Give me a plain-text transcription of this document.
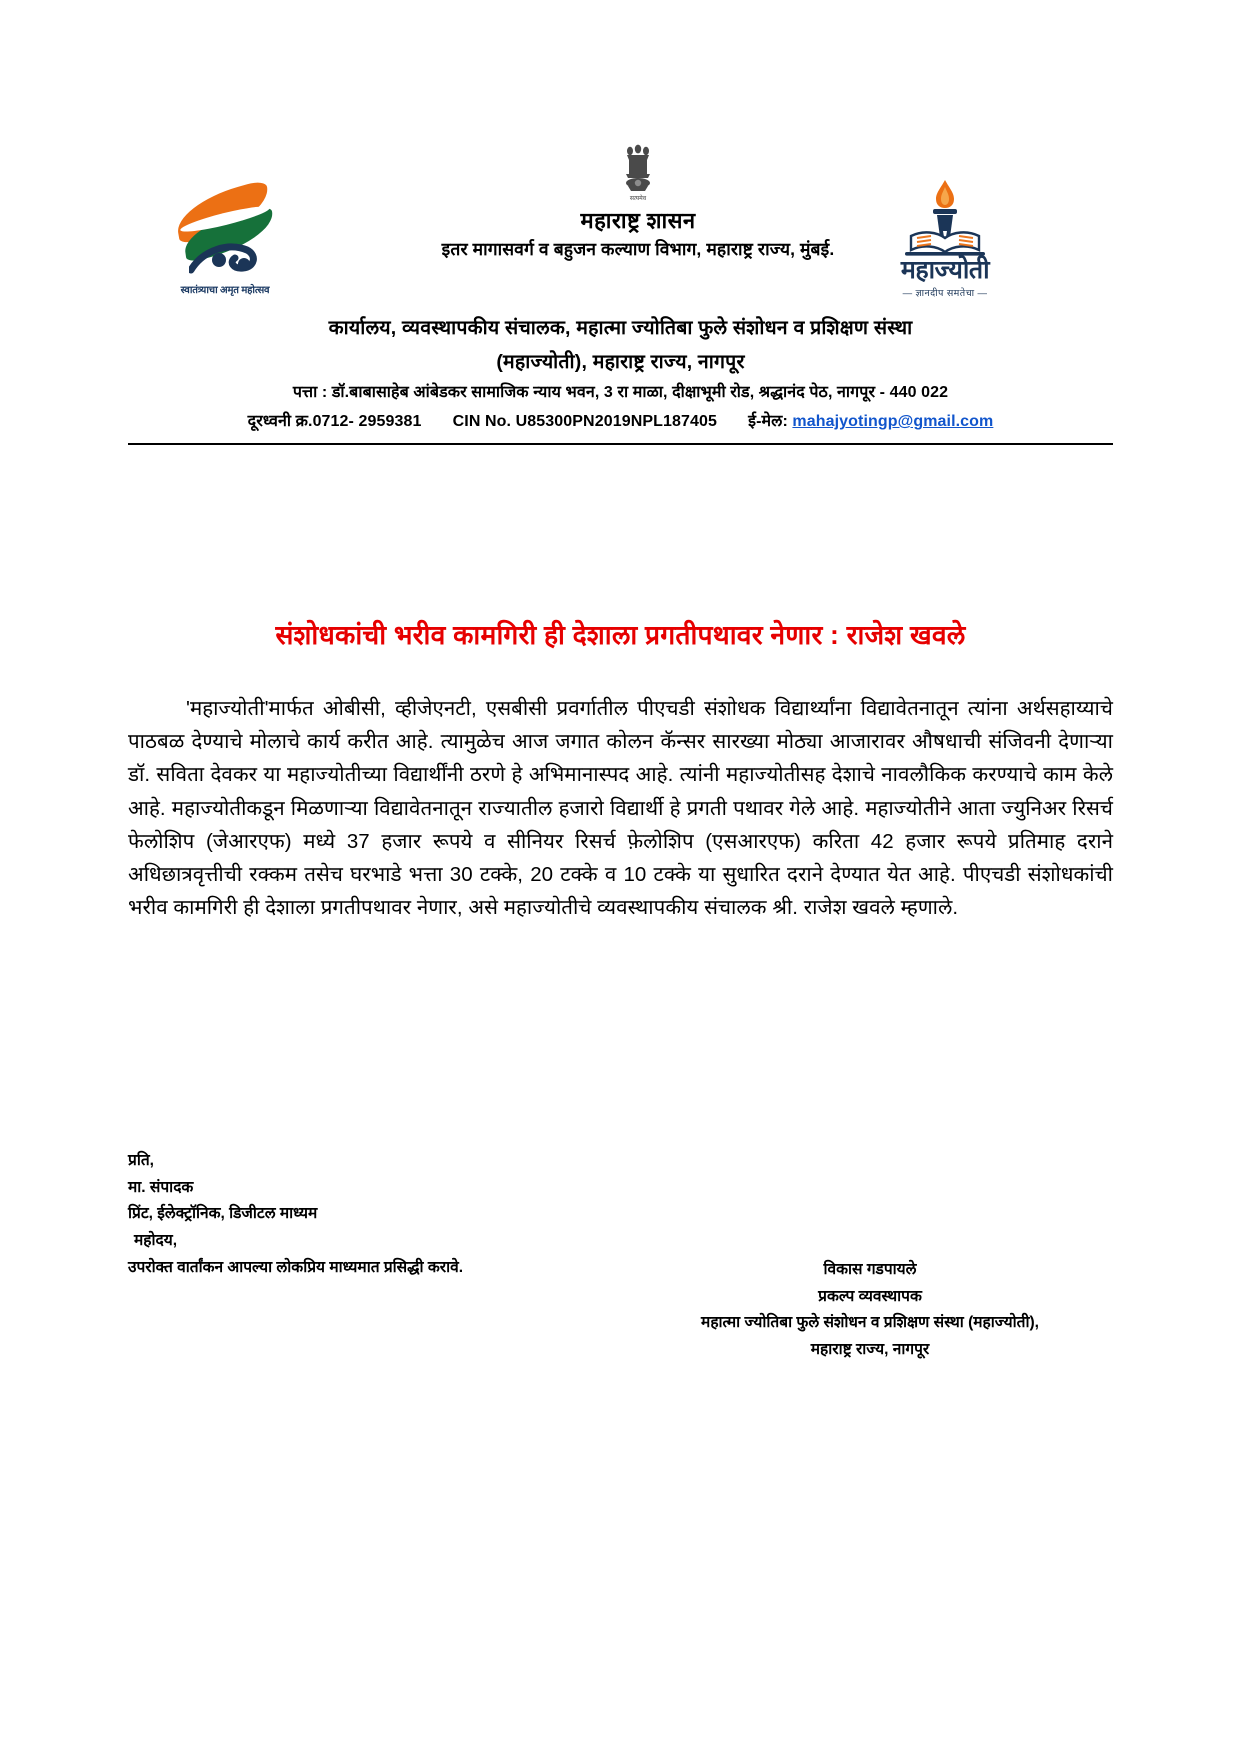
स्वातंत्र्याचा अमृत महोत्सव
सत्यमेव
महाराष्ट्र शासन
इतर मागासवर्ग व बहुजन कल्याण विभाग, महाराष्ट्र राज्य, मुंबई.
महाज्योती
— ज्ञानदीप समतेचा —
कार्यालय, व्यवस्थापकीय संचालक, महात्मा ज्योतिबा फुले संशोधन व प्रशिक्षण संस्था
(महाज्योती), महाराष्ट्र राज्य, नागपूर
पत्ता : डॉ.बाबासाहेब आंबेडकर सामाजिक न्याय भवन, 3 रा माळा, दीक्षाभूमी रोड, श्रद्धानंद पेठ, नागपूर - 440 022
दूरध्वनी क्र.0712- 2959381 CIN No. U85300PN2019NPL187405 ई-मेल: mahajyotingp@gmail.com
संशोधकांची भरीव कामगिरी ही देशाला प्रगतीपथावर नेणार : राजेश खवले

'महाज्योती'मार्फत ओबीसी, व्हीजेएनटी, एसबीसी प्रवर्गातील पीएचडी संशोधक विद्यार्थ्यांना विद्यावेतनातून त्यांना अर्थसहाय्याचे पाठबळ देण्याचे मोलाचे कार्य करीत आहे. त्यामुळेच आज जगात कोलन कॅन्सर सारख्या मोठ्या आजारावर औषधाची संजिवनी देणाऱ्या डॉ. सविता देवकर या महाज्योतीच्या विद्यार्थींनी ठरणे हे अभिमानास्पद आहे. त्यांनी महाज्योतीसह देशाचे नावलौकिक करण्याचे काम केले आहे. महाज्योतीकडून मिळणाऱ्या विद्यावेतनातून राज्यातील हजारो विद्यार्थी हे प्रगती पथावर गेले आहे. महाज्योतीने आता ज्युनिअर रिसर्च फेलोशिप (जेआरएफ) मध्ये 37 हजार रूपये व सीनियर रिसर्च फ़ेलोशिप (एसआरएफ) करिता 42 हजार रूपये प्रतिमाह दराने अधिछात्रवृत्तीची रक्कम तसेच घरभाडे भत्ता 30 टक्के, 20 टक्के व 10 टक्के या सुधारित दराने देण्यात येत आहे. पीएचडी संशोधकांची भरीव कामगिरी ही देशाला प्रगतीपथावर नेणार, असे महाज्योतीचे व्यवस्थापकीय संचालक श्री. राजेश खवले म्हणाले.

प्रति,
मा. संपादक
प्रिंट, ईलेक्ट्रॉनिक, डिजीटल माध्यम
महोदय,
उपरोक्त वार्तांकन आपल्या लोकप्रिय माध्यमात प्रसिद्धी करावे.	विकास गडपायले
प्रकल्प व्यवस्थापक
महात्मा ज्योतिबा फुले संशोधन व प्रशिक्षण संस्था (महाज्योती),
महाराष्ट्र राज्य, नागपूर
